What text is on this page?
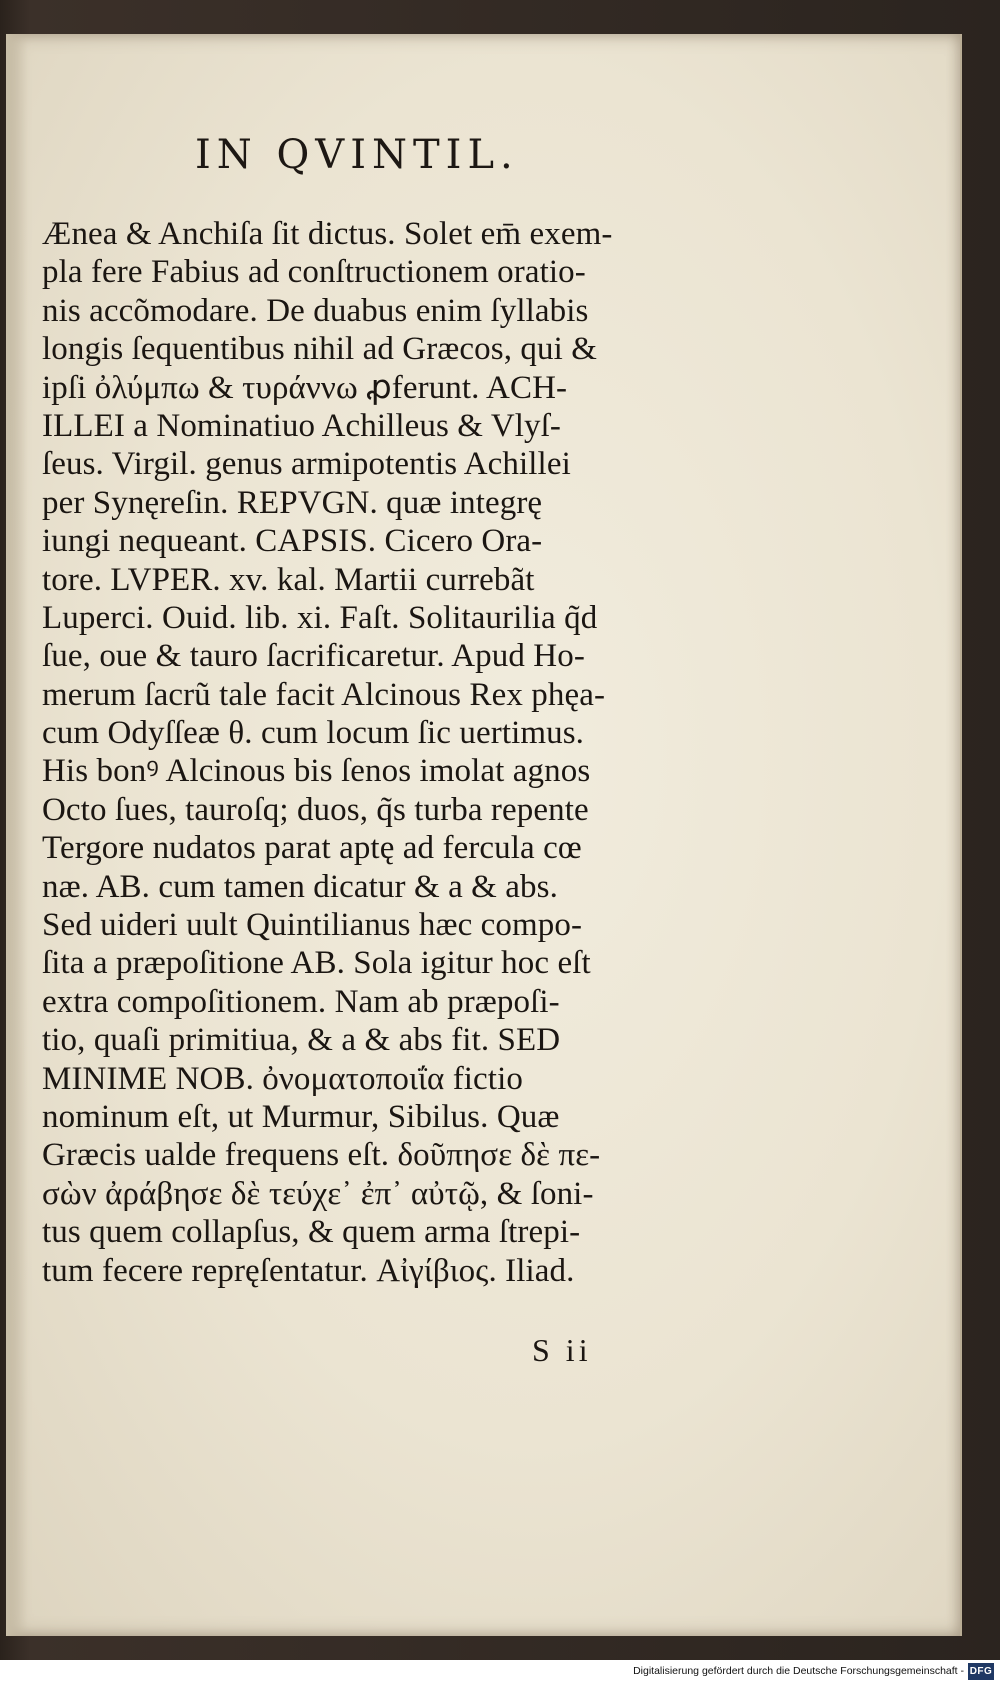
IN QVINTIL.
Ænea & Anchiſa ſit dictus. Solet em̄ exem-
pla fere Fabius ad conſtructionem oratio-
nis accõmodare. De duabus enim ſyllabis
longis ſequentibus nihil ad Græcos, qui &
ipſi ὀλύμπω & τυράννω ꝓferunt. ACH-
ILLEI a Nominatiuo Achilleus & Vlyſ-
ſeus. Virgil. genus armipotentis Achillei
per Synęreſin. REPVGN. quæ integrę
iungi nequeant. CAPSIS. Cicero Ora-
tore. LVPER. xv. kal. Martii currebãt
Luperci. Ouid. lib. xi. Faſt. Solitaurilia q̃d
ſue, oue & tauro ſacrificaretur. Apud Ho-
merum ſacrũ tale facit Alcinous Rex phęa-
cum Odyſſeæ θ. cum locum ſic uertimus.
His bonꝰ Alcinous bis ſenos imolat agnos
Octo ſues, tauroſq; duos, q̃s turba repente
Tergore nudatos parat aptę ad fercula cœ
næ. AB. cum tamen dicatur & a & abs.
Sed uideri uult Quintilianus hæc compo-
ſita a præpoſitione AB. Sola igitur hoc eſt
extra compoſitionem. Nam ab præpoſi-
tio, quaſi primitiua, & a & abs fit. SED
MINIME NOB. ὀνοματοποιΐα fictio
nominum eſt, ut Murmur, Sibilus. Quæ
Græcis ualde frequens eſt. δοῦπησε δὲ πε-
σὼν ἀράβησε δὲ τεύχε᾽ ἐπ᾽ αὐτῷ, & ſoni-
tus quem collapſus, & quem arma ſtrepi-
tum fecere repręſentatur. Αἰγίβιος. Iliad.
S ii
Digitalisierung gefördert durch die Deutsche Forschungsgemeinschaft - DFG
